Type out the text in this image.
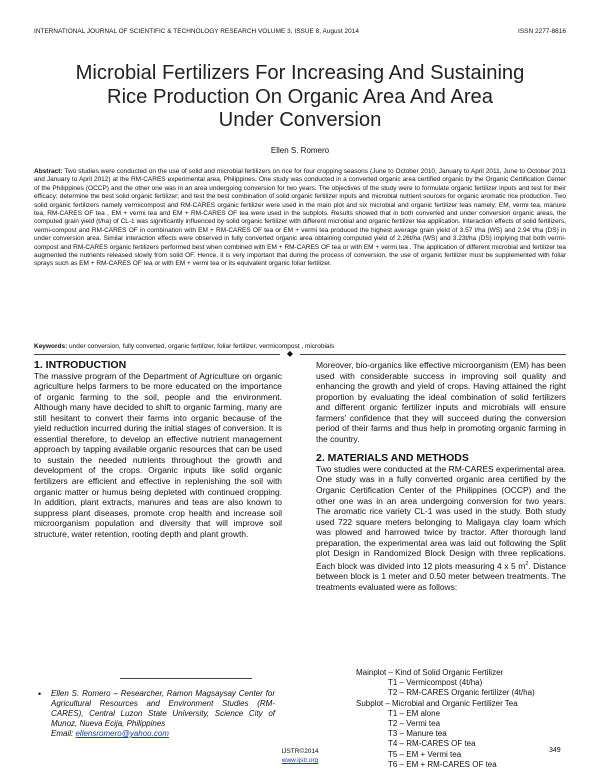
INTERNATIONAL JOURNAL OF SCIENTIFIC & TECHNOLOGY RESEARCH VOLUME 3, ISSUE 8, August 2014	ISSN 2277-8616
Microbial Fertilizers For Increasing And Sustaining
Rice Production On Organic Area And Area
Under Conversion
Ellen S. Romero
Abstract: Two studies were conducted on the use of solid and microbial fertilizers on rice for four cropping seasons (June to October 2010, January to April 2011, June to October 2011 and January to April 2012) at the RM-CARES experimental area, Philippines. One study was conducted in a converted organic area certified organic by the Organic Certification Center of the Philippines (OCCP) and the other one was in an area undergoing conversion for two years. The objectives of the study were to formulate organic fertilizer inputs and test for their efficacy; determine the best solid organic fertilizer; and test the best combination of solid organic fertilizer inputs and microbial nutrient sources for organic aromatic rice production. Two solid organic fertilizers namely vermicompost and RM-CARES organic fertilizer were used in the main plot and six microbial and organic fertilizer teas namely; EM, vermi tea, manure tea, RM-CARES OF tea , EM + vermi tea and EM + RM-CARES OF tea were used in the subplots. Results showed that in both converted and under conversion organic areas, the computed grain yield (t/ha) of CL-1 was significantly influenced by solid organic fertilizer with different microbial and organic fertilizer tea application. Interaction effects of solid fertilizers, vermi-compost and RM-CARES OF in combination with EM + RM-CARES OF tea or EM + vermi tea produced the highest average grain yield of 3.57 t/ha (WS) and 2.94 t/ha (DS) in under conversion area. Similar interaction effects were observed in fully converted organic area obtaining computed yield of 2.26t/ha (WS) and 3.23t/ha (DS) implying that both vermi-compost and RM-CARES organic fertilizers performed best when combined with EM + RM-CARES OF tea or with EM + vermi tea . The application of different microbial and fertilizer tea augmented the nutrients released slowly from solid OF. Hence, it is very important that during the process of conversion, the use of organic fertilizer must be supplemented with foliar sprays such as EM + RM-CARES OF tea or with EM + vermi tea or its equivalent organic foliar fertilizer.
Keywords: under conversion, fully converted, organic fertilizer, foliar fertilizer, vermicompost , microbials
◆
1. INTRODUCTION
The massive program of the Department of Agriculture on organic agriculture helps farmers to be more educated on the importance of organic farming to the soil, people and the environment. Although many have decided to shift to organic farming, many are still hesitant to convert their farms into organic because of the yield reduction incurred during the initial stages of conversion. It is essential therefore, to develop an effective nutrient management approach by tapping available organic resources that can be used to sustain the needed nutrients throughout the growth and development of the crops. Organic inputs like solid organic fertilizers are efficient and effective in replenishing the soil with organic matter or humus being depleted with continued cropping. In addition, plant extracts, manures and teas are also known to suppress plant diseases, promote crop health and increase soil microorganism population and diversity that will improve soil structure, water retention, rooting depth and plant growth.
• Ellen S. Romero – Researcher, Ramon Magsaysay Center for Agricultural Resources and Environment Studies (RM-CARES), Central Luzon State University, Science City of Munoz, Nueva Ecija, Philippines
Email: ellensromero@yahoo.com
Moreover, bio-organics like effective microorganism (EM) has been used with considerable success in improving soil quality and enhancing the growth and yield of crops. Having attained the right proportion by evaluating the ideal combination of solid fertilizers and different organic fertilizer inputs and microbials will ensure farmers' confidence that they will succeed during the conversion period of their farms and thus help in promoting organic farming in the country.
2. MATERIALS AND METHODS
Two studies were conducted at the RM-CARES experimental area. One study was in a fully converted organic area certified by the Organic Certification Center of the Philippines (OCCP) and the other one was in an area undergoing conversion for two years. The aromatic rice variety CL-1 was used in the study. Both study used 722 square meters belonging to Maligaya clay loam which was plowed and harrowed twice by tractor. After thorough land preparation, the experimental area was laid out following the Split plot Design in Randomized Block Design with three replications. Each block was divided into 12 plots measuring 4 x 5 $m^2$. Distance between block is 1 meter and 0.50 meter between treatments. The treatments evaluated were as follows:
Mainplot – Kind of Solid Organic Fertilizer
T1 – Vermicompost (4t/ha)
T2 – RM-CARES Organic fertilizer (4t/ha)
Subplot – Microbial and Organic Fertilizer Tea
T1 – EM alone
T2 – Vermi tea
T3 – Manure tea
T4 – RM-CARES OF tea
T5 – EM + Vermi tea
T6 – EM + RM-CARES OF tea
349
IJSTR©2014
www.ijstr.org
